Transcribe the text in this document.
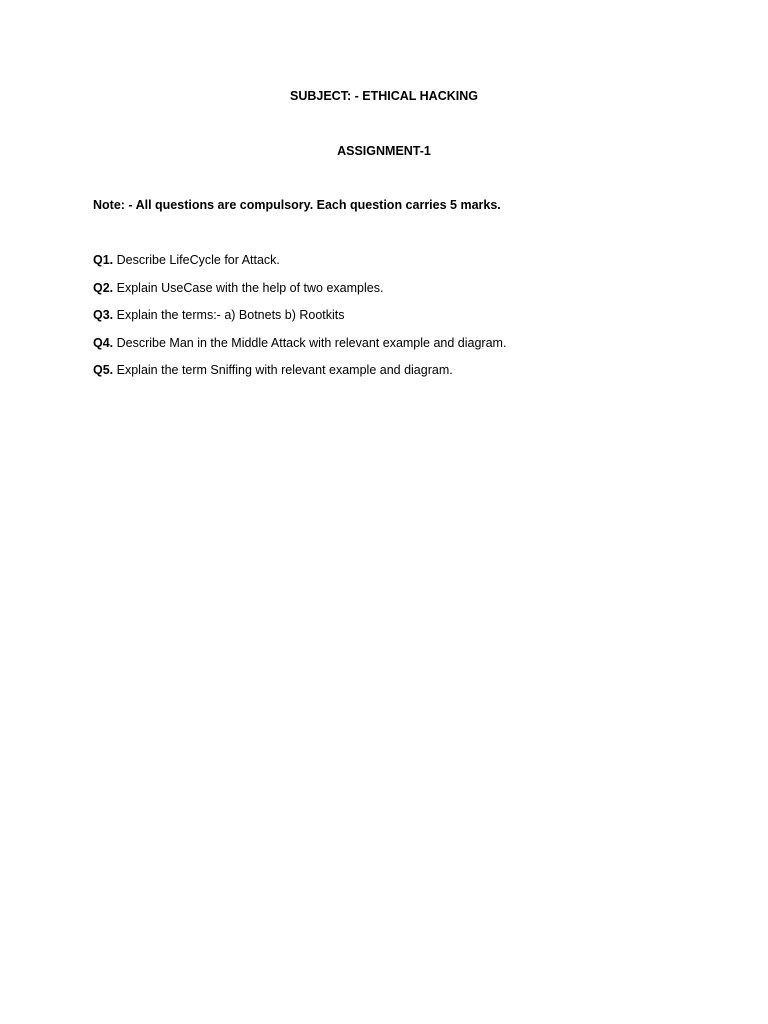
SUBJECT: - ETHICAL HACKING
ASSIGNMENT-1
Note: - All questions are compulsory. Each question carries 5 marks.
Q1. Describe LifeCycle for Attack.
Q2. Explain UseCase with the help of two examples.
Q3. Explain the terms:- a) Botnets b) Rootkits
Q4. Describe Man in the Middle Attack with relevant example and diagram.
Q5. Explain the term Sniffing with relevant example and diagram.
